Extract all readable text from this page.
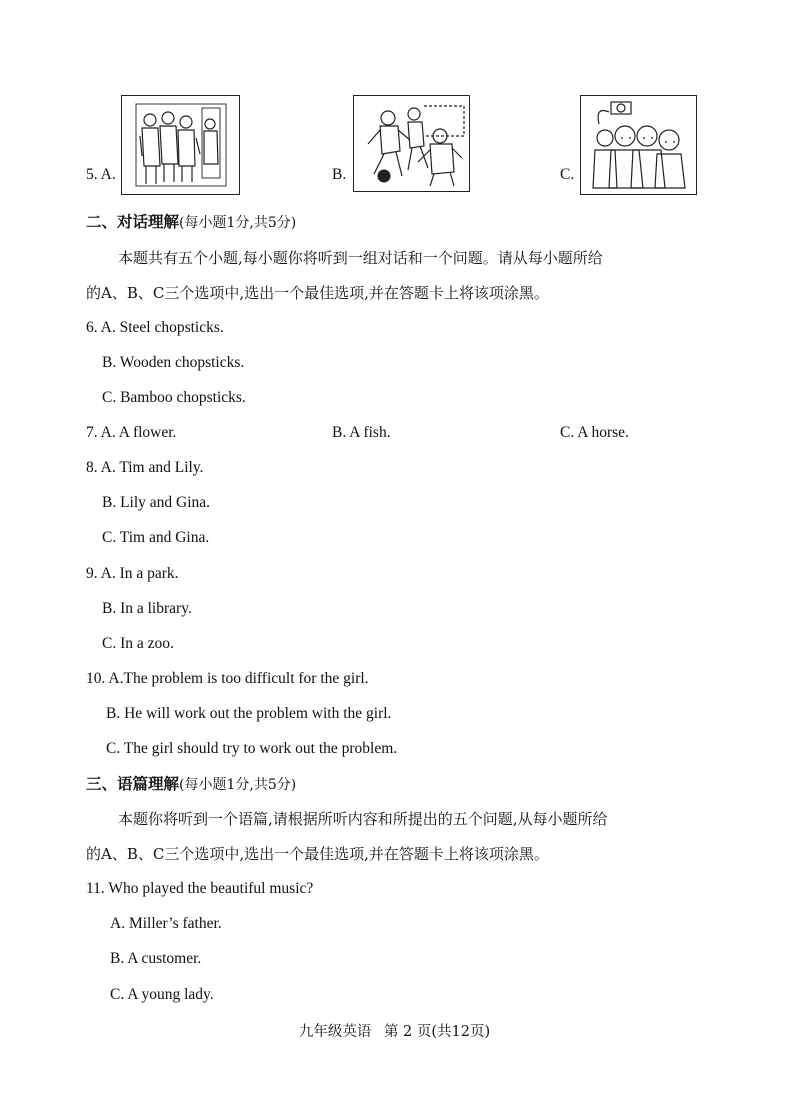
5. A.	B.	C.
二、对话理解(每小题1分,共5分)
本题共有五个小题,每小题你将听到一组对话和一个问题。请从每小题所给
的A、B、C三个选项中,选出一个最佳选项,并在答题卡上将该项涂黑。
6. A. Steel chopsticks.
B. Wooden chopsticks.
C. Bamboo chopsticks.
7. A. A flower.	B. A fish.	C. A horse.
8. A. Tim and Lily.
B. Lily and Gina.
C. Tim and Gina.
9. A. In a park.
B. In a library.
C. In a zoo.
10. A.The problem is too difficult for the girl.
B. He will work out the problem with the girl.
C. The girl should try to work out the problem.
三、语篇理解(每小题1分,共5分)
本题你将听到一个语篇,请根据所听内容和所提出的五个问题,从每小题所给
的A、B、C三个选项中,选出一个最佳选项,并在答题卡上将该项涂黑。
11. Who played the beautiful music?
A. Miller’s father.
B. A customer.
C. A young lady.
九年级英语 第 2 页(共12页)
